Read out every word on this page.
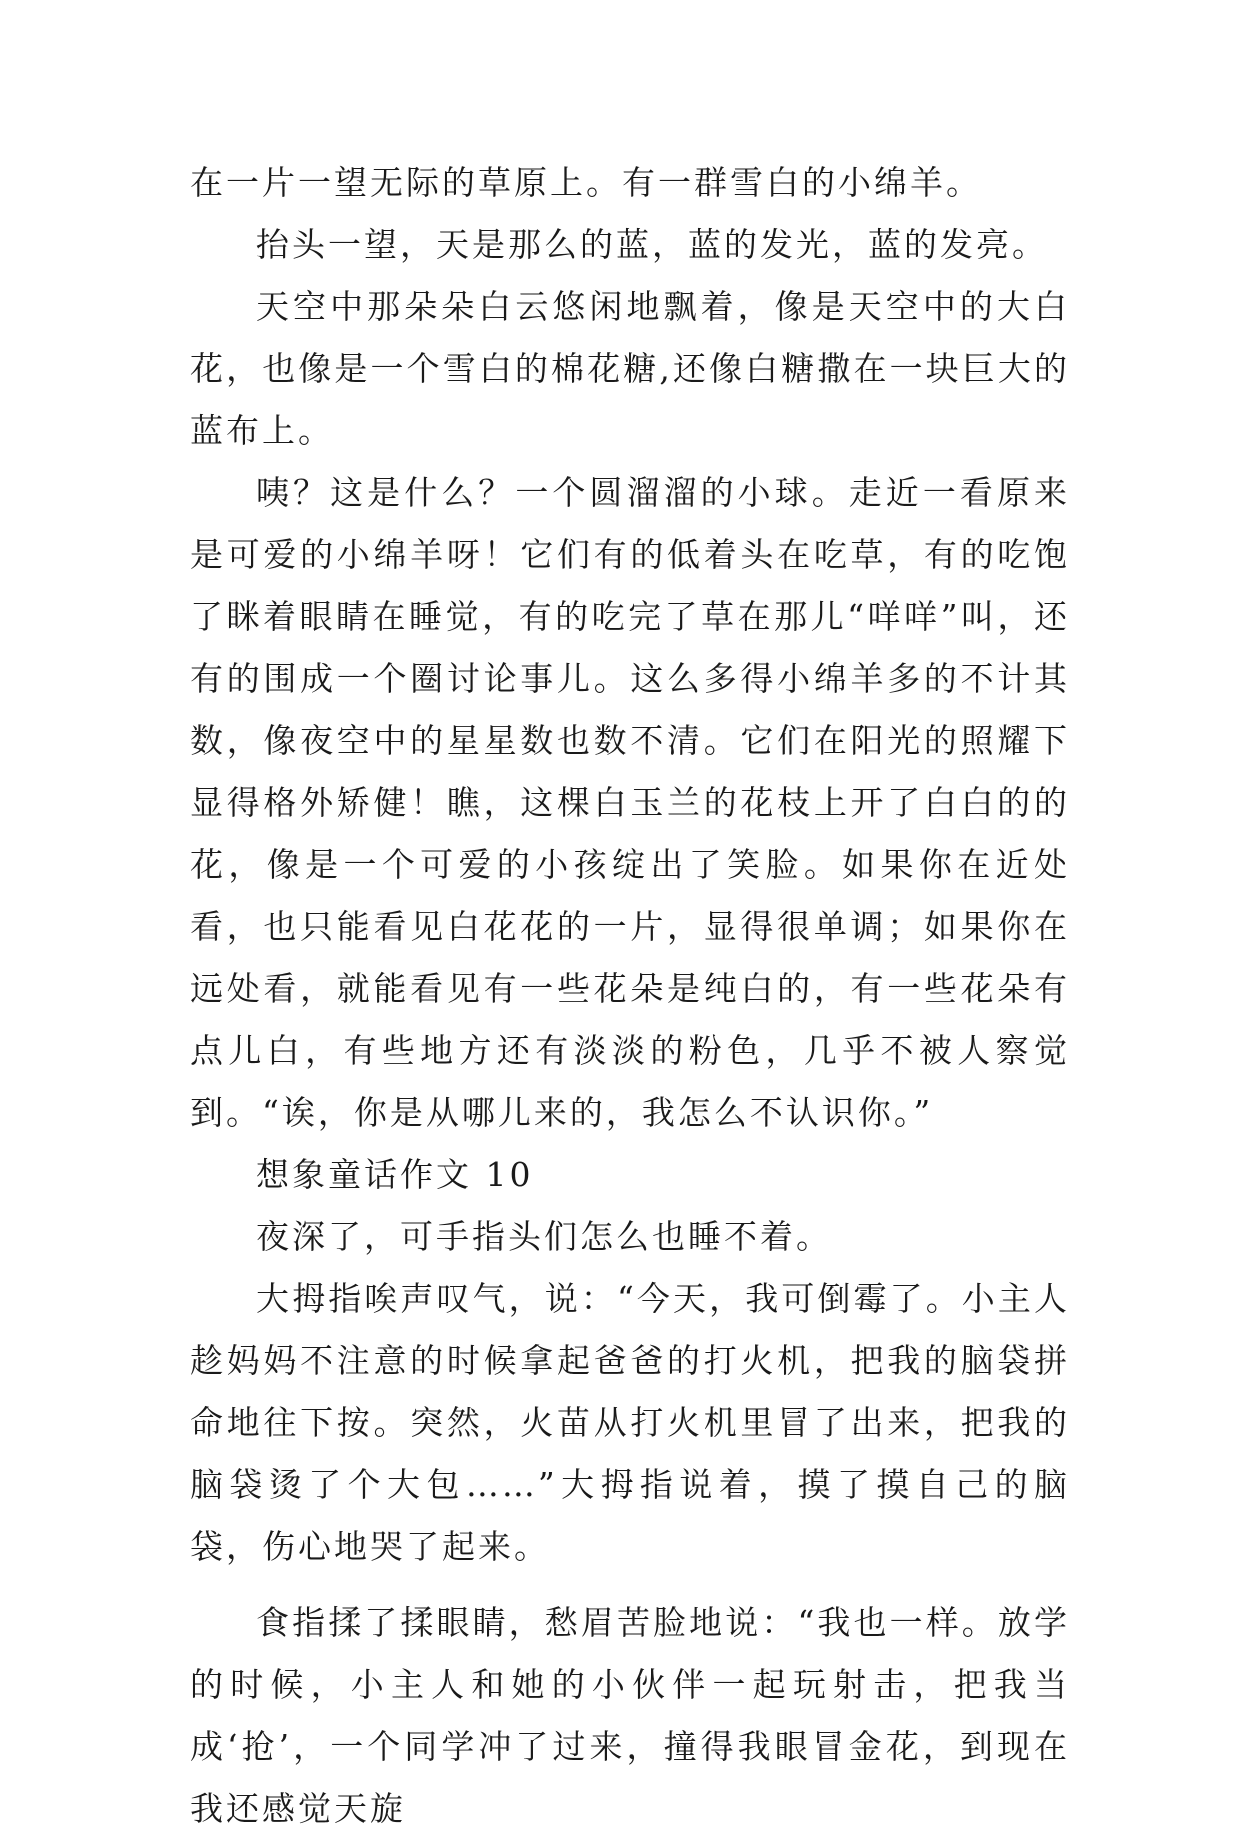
在一片一望无际的草原上。有一群雪白的小绵羊。

抬头一望，天是那么的蓝，蓝的发光，蓝的发亮。

天空中那朵朵白云悠闲地飘着，像是天空中的大白花，也像是一个雪白的棉花糖,还像白糖撒在一块巨大的蓝布上。

咦？这是什么？一个圆溜溜的小球。走近一看原来是可爱的小绵羊呀！它们有的低着头在吃草，有的吃饱了眯着眼睛在睡觉，有的吃完了草在那儿“咩咩”叫，还有的围成一个圈讨论事儿。这么多得小绵羊多的不计其数，像夜空中的星星数也数不清。它们在阳光的照耀下显得格外矫健！瞧，这棵白玉兰的花枝上开了白白的的花，像是一个可爱的小孩绽出了笑脸。如果你在近处看，也只能看见白花花的一片，显得很单调；如果你在远处看，就能看见有一些花朵是纯白的，有一些花朵有点儿白，有些地方还有淡淡的粉色，几乎不被人察觉到。“诶，你是从哪儿来的，我怎么不认识你。”

想象童话作文 10

夜深了，可手指头们怎么也睡不着。

大拇指唉声叹气，说：“今天，我可倒霉了。小主人趁妈妈不注意的时候拿起爸爸的打火机，把我的脑袋拼命地往下按。突然，火苗从打火机里冒了出来，把我的脑袋烫了个大包……”大拇指说着，摸了摸自己的脑袋，伤心地哭了起来。

食指揉了揉眼睛，愁眉苦脸地说：“我也一样。放学的时候，小主人和她的小伙伴一起玩射击，把我当成‘抢’，一个同学冲了过来，撞得我眼冒金花，到现在我还感觉天旋
